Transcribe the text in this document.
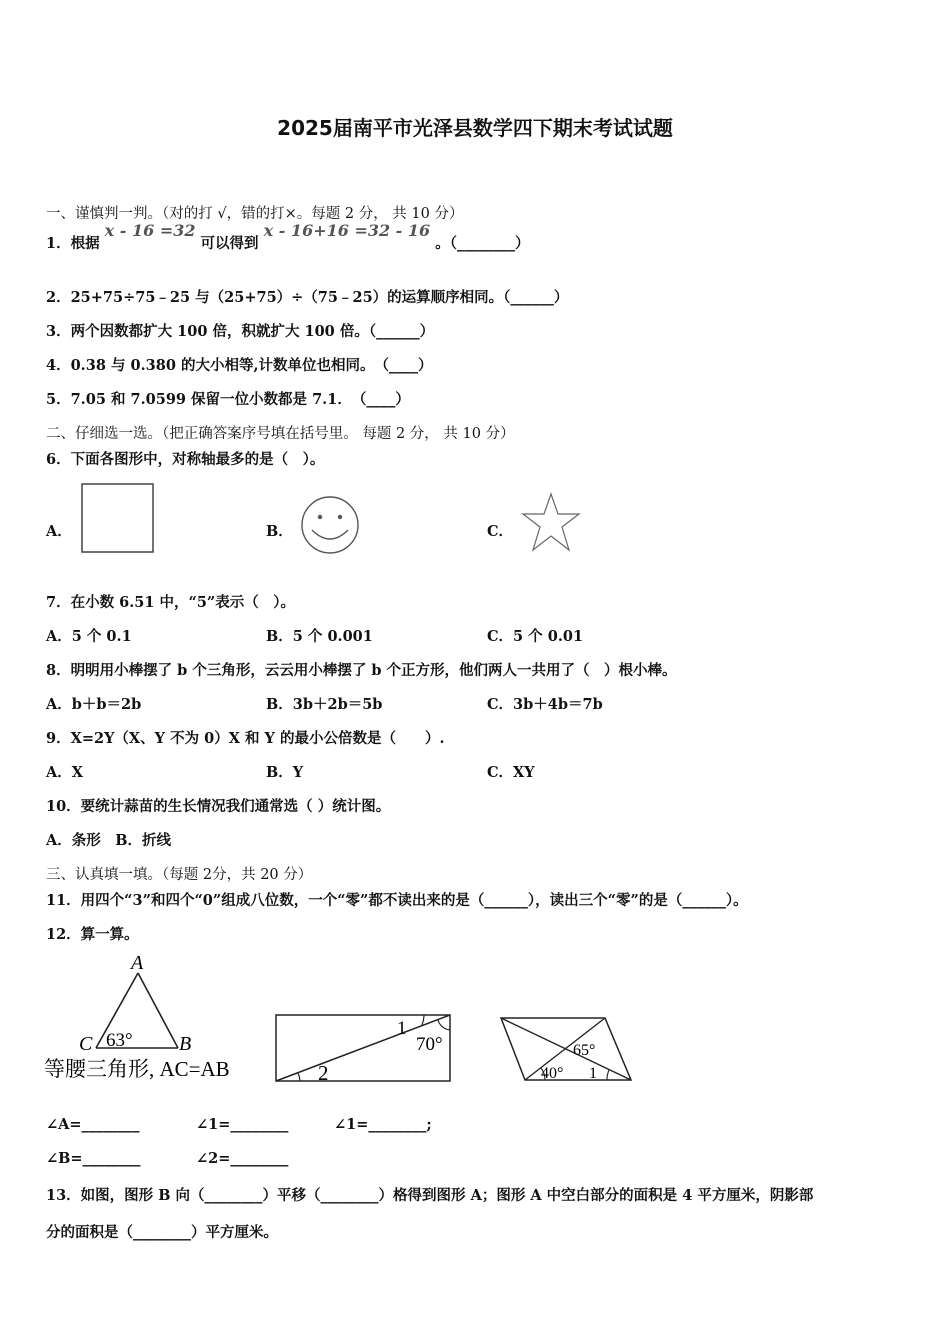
2025届南平市光泽县数学四下期末考试试题
一、谨慎判一判。（对的打 √，错的打×。每题 2 分， 共 10 分）
1．根据 x - 16 =32 可以得到 x - 16+16 =32 - 16 。（________）
2．25+75÷75﹣25 与（25+75）÷（75﹣25）的运算顺序相同。（______）
3．两个因数都扩大 100 倍，积就扩大 100 倍。（______）
4．0.38 与 0.380 的大小相等,计数单位也相同。　（____）
5．7.05 和 7.0599 保留一位小数都是 7.1．　（____）
二、仔细选一选。（把正确答案序号填在括号里。 每题 2 分， 共 10 分）
6．下面各图形中，对称轴最多的是（　）。
A．	B．	C．
7．在小数 6.51 中，“5”表示（　）。
A．5 个 0.1	B．5 个 0.001	C．5 个 0.01
8．明明用小棒摆了 b 个三角形，云云用小棒摆了 b 个正方形，他们两人一共用了（　）根小棒。
A．b＋b＝2b	B．3b＋2b＝5b	C．3b＋4b＝7b
9．X=2Y（X、Y 不为 0）X 和 Y 的最小公倍数是（　　）.
A．X	B．Y	C．XY
10．要统计蒜苗的生长情况我们通常选（ ）统计图。
A．条形　B．折线
三、认真填一填。（每题 2分，共 20 分）
11．用四个“3”和四个“0”组成八位数，一个“零”都不读出来的是（______），读出三个“零”的是（______）。
12．算一算。
A
C	B
63°
等腰三角形, AC=AB
1
70°
2
65°
40° 1
∠A=________	∠1=________	∠1=________;
∠B=________	∠2=________
13．如图，图形 B 向（________）平移（________）格得到图形 A；图形 A 中空白部分的面积是 4 平方厘米，阴影部
分的面积是（________）平方厘米。
